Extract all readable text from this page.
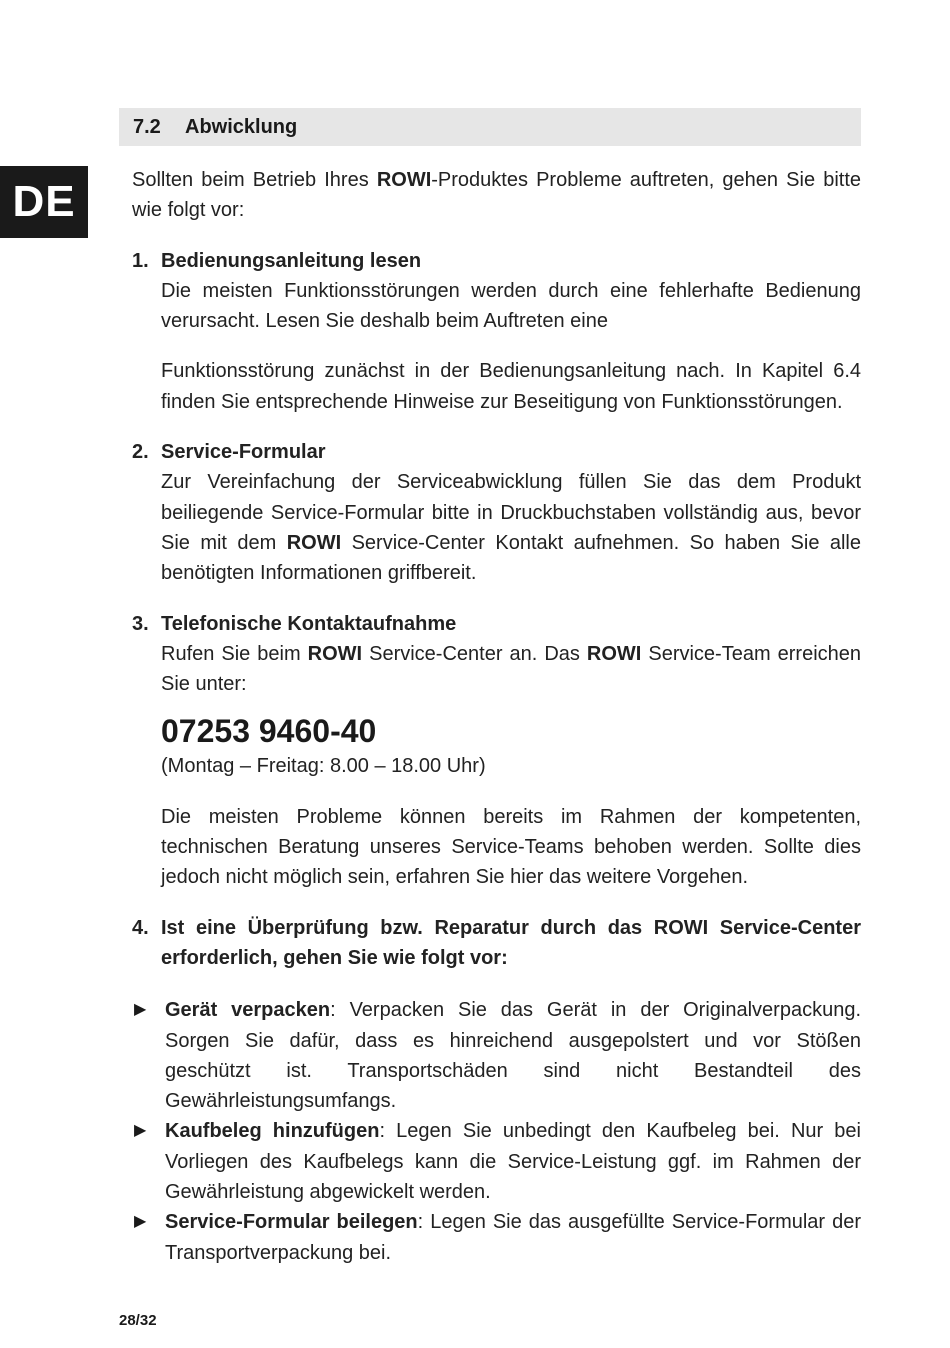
DE
7.2	Abwicklung

Sollten beim Betrieb Ihres ROWI-Produktes Probleme auftreten, gehen Sie bitte wie folgt vor:

1. Bedienungsanleitung lesen

Die meisten Funktionsstörungen werden durch eine fehlerhafte Bedienung verursacht. Lesen Sie deshalb beim Auftreten eine

Funktionsstörung zunächst in der Bedienungsanleitung nach. In Kapitel 6.4 finden Sie entsprechende Hinweise zur Beseitigung von Funktionsstörungen.

2. Service-Formular

Zur Vereinfachung der Serviceabwicklung füllen Sie das dem Produkt beiliegende Service-Formular bitte in Druckbuchstaben vollständig aus, bevor Sie mit dem ROWI Service-Center Kontakt aufnehmen. So haben Sie alle benötigten Informationen griffbereit.

3. Telefonische Kontaktaufnahme

Rufen Sie beim ROWI Service-Center an. Das ROWI Service-Team erreichen Sie unter:

07253 9460-40

(Montag – Freitag: 8.00 – 18.00 Uhr)

Die meisten Probleme können bereits im Rahmen der kompetenten, technischen Beratung unseres Service-Teams behoben werden. Sollte dies jedoch nicht möglich sein, erfahren Sie hier das weitere Vorgehen.

4. Ist eine Überprüfung bzw. Reparatur durch das ROWI Service-Center erforderlich, gehen Sie wie folgt vor:

▶ Gerät verpacken: Verpacken Sie das Gerät in der Originalverpackung. Sorgen Sie dafür, dass es hinreichend ausgepolstert und vor Stößen geschützt ist. Transportschäden sind nicht Bestandteil des Gewährleistungsumfangs.

▶ Kaufbeleg hinzufügen: Legen Sie unbedingt den Kaufbeleg bei. Nur bei Vorliegen des Kaufbelegs kann die Service-Leistung ggf. im Rahmen der Gewährleistung abgewickelt werden.

▶ Service-Formular beilegen: Legen Sie das ausgefüllte Service-Formular der Transportverpackung bei.

28/32
